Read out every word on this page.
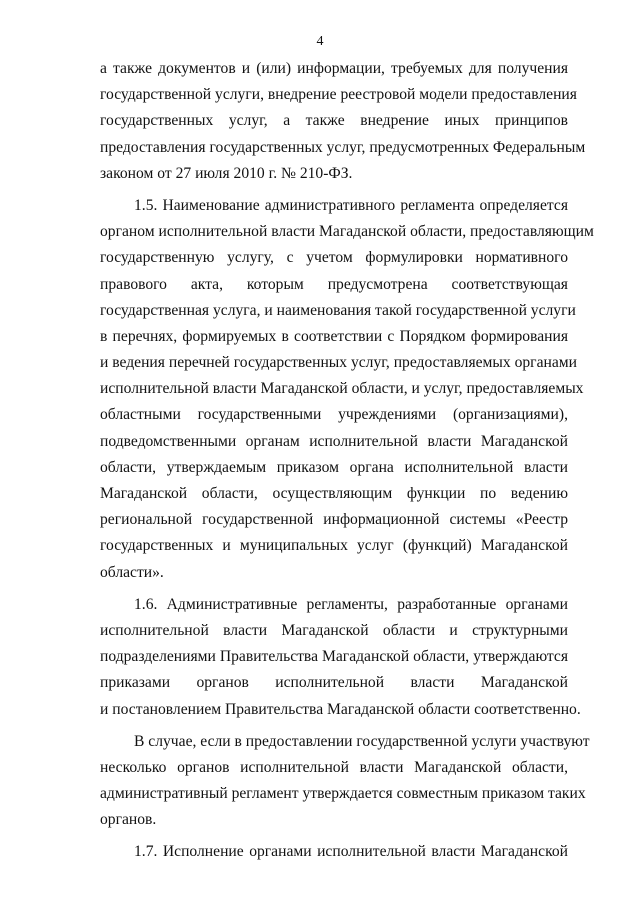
4
а также документов и (или) информации, требуемых для получения
государственной услуги, внедрение реестровой модели предоставления
государственных услуг, а также внедрение иных принципов
предоставления государственных услуг, предусмотренных Федеральным
законом от 27 июля 2010 г. № 210-ФЗ.
1.5. Наименование административного регламента определяется
органом исполнительной власти Магаданской области, предоставляющим
государственную услугу, с учетом формулировки нормативного
правового акта, которым предусмотрена соответствующая
государственная услуга, и наименования такой государственной услуги
в перечнях, формируемых в соответствии с Порядком формирования
и ведения перечней государственных услуг, предоставляемых органами
исполнительной власти Магаданской области, и услуг, предоставляемых
областными государственными учреждениями (организациями),
подведомственными органам исполнительной власти Магаданской
области, утверждаемым приказом органа исполнительной власти
Магаданской области, осуществляющим функции по ведению
региональной государственной информационной системы «Реестр
государственных и муниципальных услуг (функций) Магаданской
области».
1.6. Административные регламенты, разработанные органами
исполнительной власти Магаданской области и структурными
подразделениями Правительства Магаданской области, утверждаются
приказами органов исполнительной власти Магаданской
и постановлением Правительства Магаданской области соответственно.
В случае, если в предоставлении государственной услуги участвуют
несколько органов исполнительной власти Магаданской области,
административный регламент утверждается совместным приказом таких
органов.
1.7. Исполнение органами исполнительной власти Магаданской
